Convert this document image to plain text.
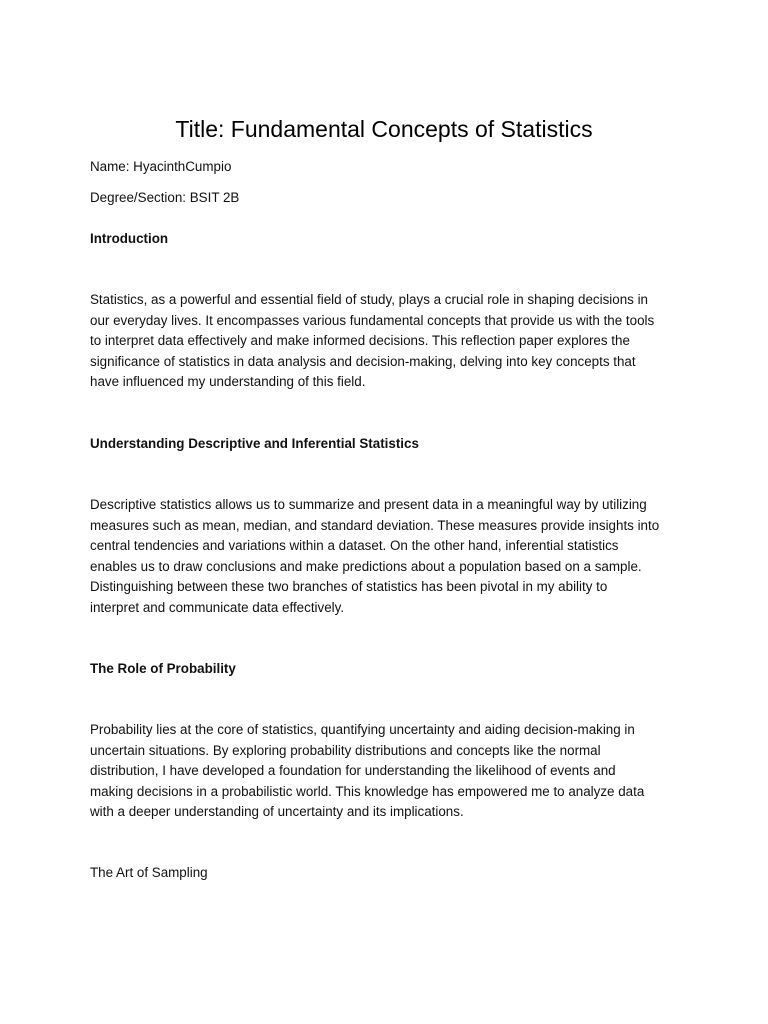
Title: Fundamental Concepts of Statistics
Name: HyacinthCumpio
Degree/Section: BSIT 2B
Introduction
Statistics, as a powerful and essential field of study, plays a crucial role in shaping decisions in
our everyday lives. It encompasses various fundamental concepts that provide us with the tools
to interpret data effectively and make informed decisions. This reflection paper explores the
significance of statistics in data analysis and decision-making, delving into key concepts that
have influenced my understanding of this field.
Understanding Descriptive and Inferential Statistics
Descriptive statistics allows us to summarize and present data in a meaningful way by utilizing
measures such as mean, median, and standard deviation. These measures provide insights into
central tendencies and variations within a dataset. On the other hand, inferential statistics
enables us to draw conclusions and make predictions about a population based on a sample.
Distinguishing between these two branches of statistics has been pivotal in my ability to
interpret and communicate data effectively.
The Role of Probability
Probability lies at the core of statistics, quantifying uncertainty and aiding decision-making in
uncertain situations. By exploring probability distributions and concepts like the normal
distribution, I have developed a foundation for understanding the likelihood of events and
making decisions in a probabilistic world. This knowledge has empowered me to analyze data
with a deeper understanding of uncertainty and its implications.
The Art of Sampling
